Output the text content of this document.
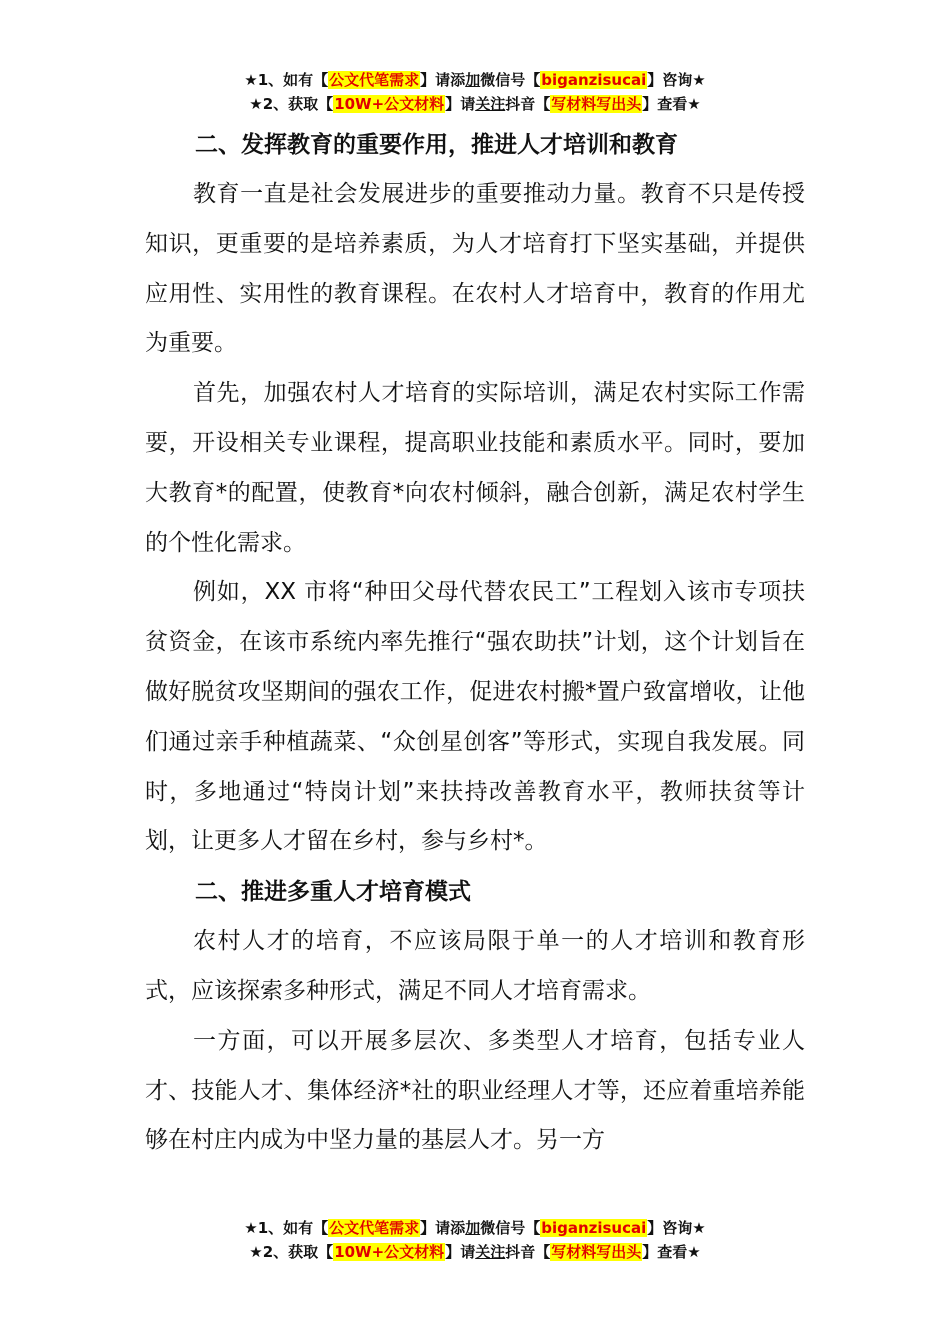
★1、如有【公文代笔需求】请添加微信号【biganzisucai】咨询★
★2、获取【10W+公文材料】请关注抖音【写材料写出头】查看★

二、发挥教育的重要作用，推进人才培训和教育

教育一直是社会发展进步的重要推动力量。教育不只是传授知识，更重要的是培养素质，为人才培育打下坚实基础，并提供应用性、实用性的教育课程。在农村人才培育中，教育的作用尤为重要。

首先，加强农村人才培育的实际培训，满足农村实际工作需要，开设相关专业课程，提高职业技能和素质水平。同时，要加大教育*的配置，使教育*向农村倾斜，融合创新，满足农村学生的个性化需求。

例如，XX 市将“种田父母代替农民工”工程划入该市专项扶贫资金，在该市系统内率先推行“强农助扶”计划，这个计划旨在做好脱贫攻坚期间的强农工作，促进农村搬*置户致富增收，让他们通过亲手种植蔬菜、“众创星创客”等形式，实现自我发展。同时，多地通过“特岗计划”来扶持改善教育水平，教师扶贫等计划，让更多人才留在乡村，参与乡村*。

二、推进多重人才培育模式

农村人才的培育，不应该局限于单一的人才培训和教育形式，应该探索多种形式，满足不同人才培育需求。

一方面，可以开展多层次、多类型人才培育，包括专业人才、技能人才、集体经济*社的职业经理人才等，还应着重培养能够在村庄内成为中坚力量的基层人才。另一方

★1、如有【公文代笔需求】请添加微信号【biganzisucai】咨询★
★2、获取【10W+公文材料】请关注抖音【写材料写出头】查看★
